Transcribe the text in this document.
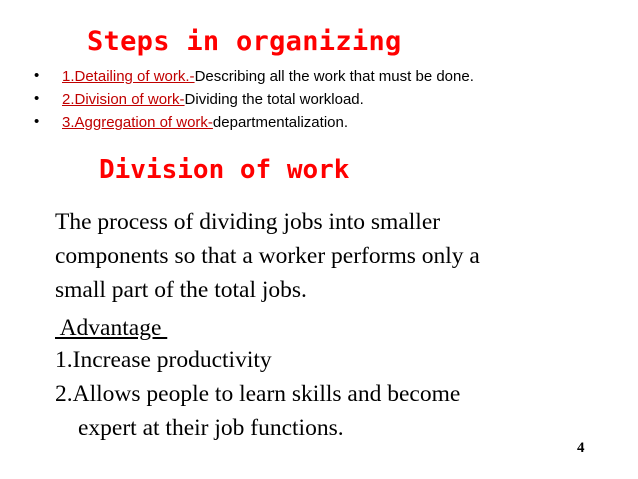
Steps in organizing
• 1.Detailing of work.-Describing all the work that must be done.
• 2.Division of work-Dividing the total workload.
• 3.Aggregation of work-departmentalization.
Division of work
The process of dividing jobs into smaller
components so that a worker performs only a
small part of the total jobs.
Advantage
1.Increase productivity
2.Allows people to learn skills and become
expert at their job functions.
4
